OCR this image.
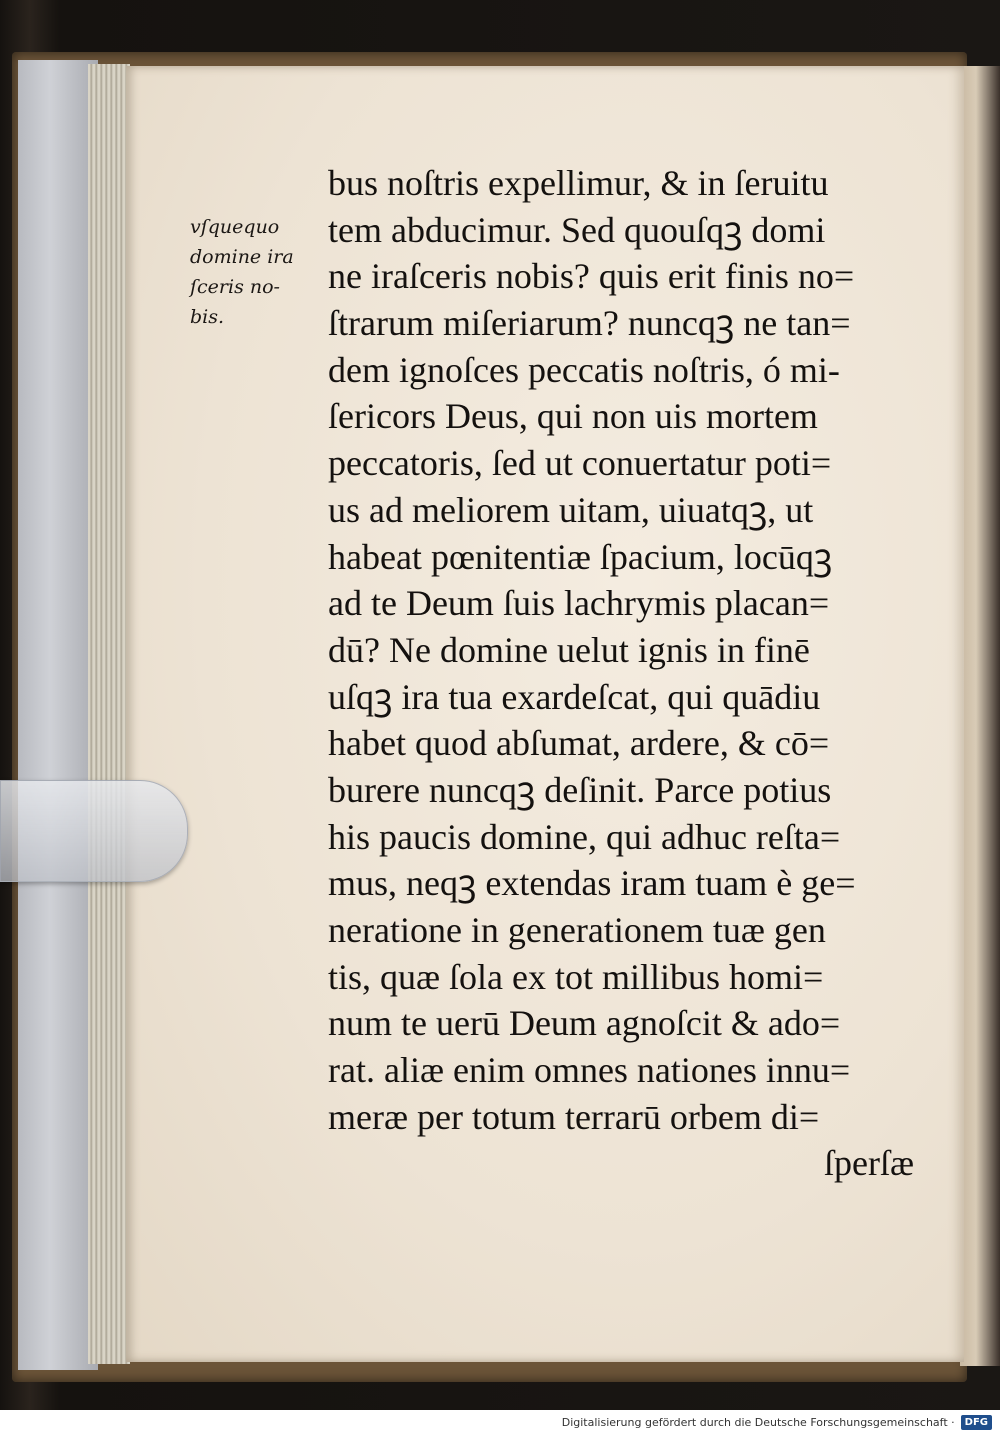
vſquequo
domine ira
ſceris no-
bis.
bus noſtris expellimur, & in ſeruitu
tem abducimur. Sed quouſqꝫ domi
ne iraſceris nobis? quis erit finis no=
ſtrarum miſeriarum? nuncqꝫ ne tan=
dem ignoſces peccatis noſtris, ó mi-
ſericors Deus, qui non uis mortem
peccatoris, ſed ut conuertatur poti=
us ad meliorem uitam, uiuatqꝫ, ut
habeat pœnitentiæ ſpacium, locūqꝫ
ad te Deum ſuis lachrymis placan=
dū? Ne domine uelut ignis in finē
uſqꝫ ira tua exardeſcat, qui quādiu
habet quod abſumat, ardere, & cō=
burere nuncqꝫ deſinit. Parce potius
his paucis domine, qui adhuc reſta=
mus, neqꝫ extendas iram tuam è ge=
neratione in generationem tuæ gen
tis, quæ ſola ex tot millibus homi=
num te uerū Deum agnoſcit & ado=
rat. aliæ enim omnes nationes innu=
meræ per totum terrarū orbem di=
ſperſæ
Digitalisierung gefördert durch die Deutsche Forschungsgemeinschaft ·	DFG
